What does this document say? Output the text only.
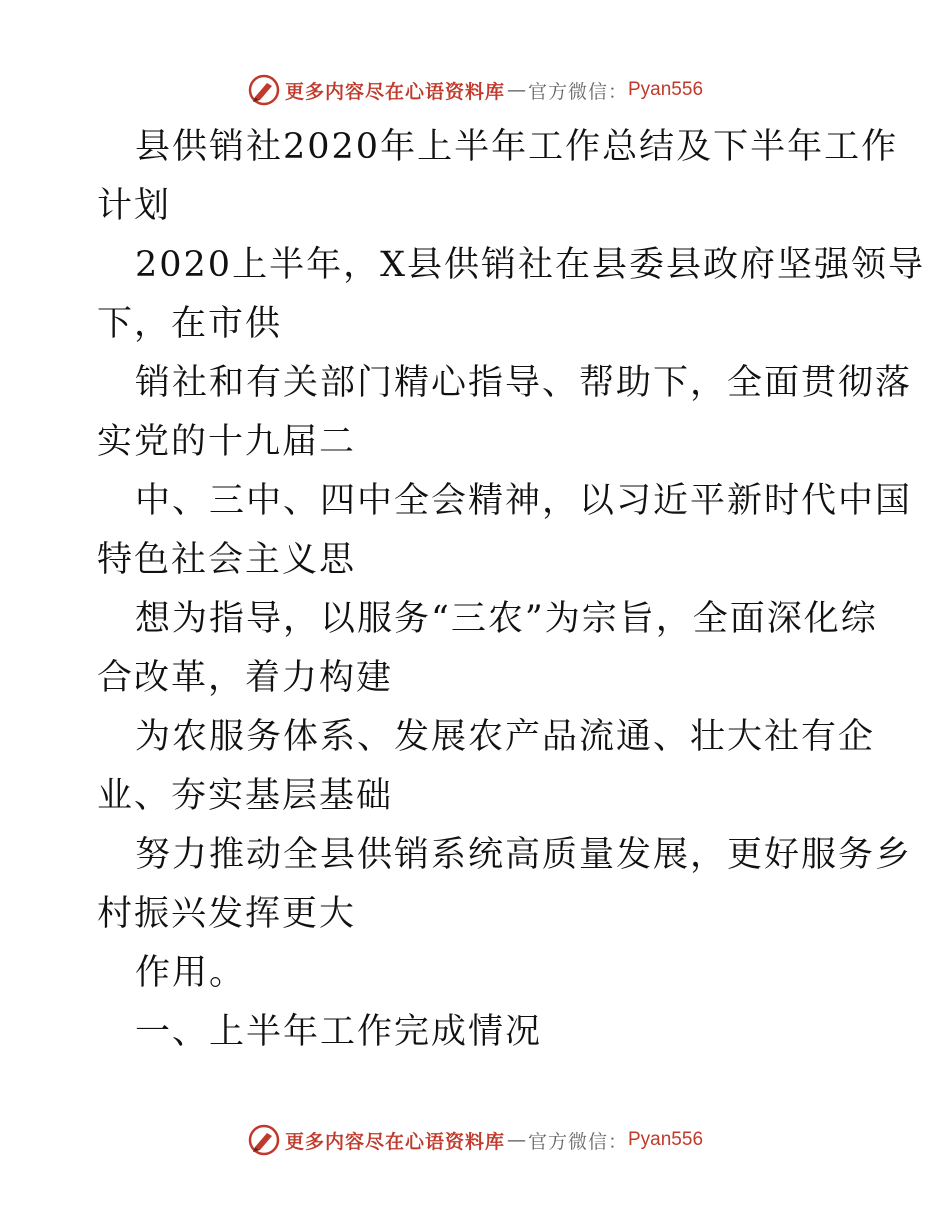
更多内容尽在心语资料库 — 官方微信： Pyan556
县供销社2020年上半年工作总结及下半年工作
计划
2020上半年，X县供销社在县委县政府坚强领导
下，在市供
销社和有关部门精心指导、帮助下，全面贯彻落
实党的十九届二
中、三中、四中全会精神，以习近平新时代中国
特色社会主义思
想为指导，以服务“三农”为宗旨，全面深化综
合改革，着力构建
为农服务体系、发展农产品流通、壮大社有企
业、夯实基层基础
努力推动全县供销系统高质量发展，更好服务乡
村振兴发挥更大
作用。
一、上半年工作完成情况
更多内容尽在心语资料库 — 官方微信： Pyan556
